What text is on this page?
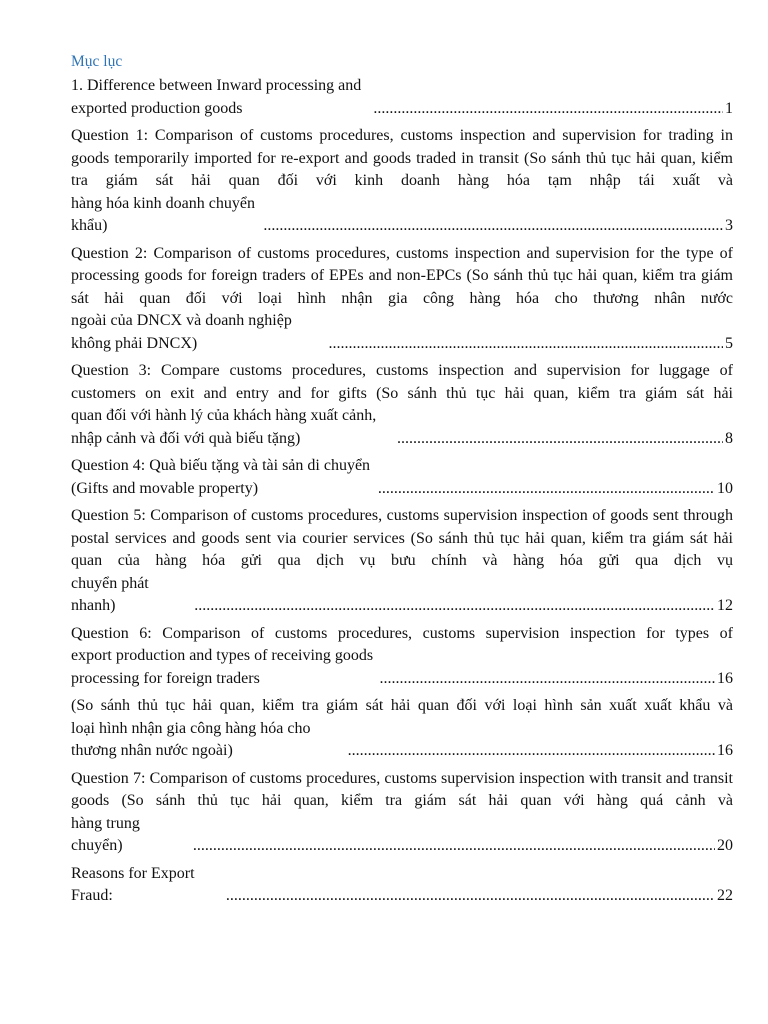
Mục lục
1. Difference between Inward processing and exported production goods . . .	1
Question 1: Comparison of customs procedures, customs inspection and supervision for trading in goods temporarily imported for re-export and goods traded in transit (So sánh thủ tục hải quan, kiểm tra giám sát hải quan đối với kinh doanh hàng hóa tạm nhập tái xuất và
hàng hóa kinh doanh chuyển khẩu) . . .	3
Question 2: Comparison of customs procedures, customs inspection and supervision for the type of processing goods for foreign traders of EPEs and non-EPCs (So sánh thủ tục hải quan, kiểm tra giám sát hải quan đối với loại hình nhận gia công hàng hóa cho thương nhân nước
ngoài của DNCX và doanh nghiệp không phải DNCX) . . .	5
Question 3: Compare customs procedures, customs inspection and supervision for luggage of customers on exit and entry and for gifts (So sánh thủ tục hải quan, kiểm tra giám sát hải
quan đối với hành lý của khách hàng xuất cảnh, nhập cảnh và đối với quà biếu tặng) . . .	8
Question 4: Quà biếu tặng và tài sản di chuyển (Gifts and movable property) . . .	10
Question 5: Comparison of customs procedures, customs supervision inspection of goods sent through postal services and goods sent via courier services (So sánh thủ tục hải quan, kiểm tra giám sát hải quan của hàng hóa gửi qua dịch vụ bưu chính và hàng hóa gửi qua dịch vụ
chuyển phát nhanh) . . .	12
Question 6: Comparison of customs procedures, customs supervision inspection for types of
export production and types of receiving goods processing for foreign traders . . .	16
(So sánh thủ tục hải quan, kiểm tra giám sát hải quan đối với loại hình sản xuất xuất khẩu và
loại hình nhận gia công hàng hóa cho thương nhân nước ngoài) . . .	16
Question 7: Comparison of customs procedures, customs supervision inspection with transit and transit goods (So sánh thủ tục hải quan, kiểm tra giám sát hải quan với hàng quá cảnh và
hàng trung chuyển) . . .	20
Reasons for Export Fraud: . . .	22
